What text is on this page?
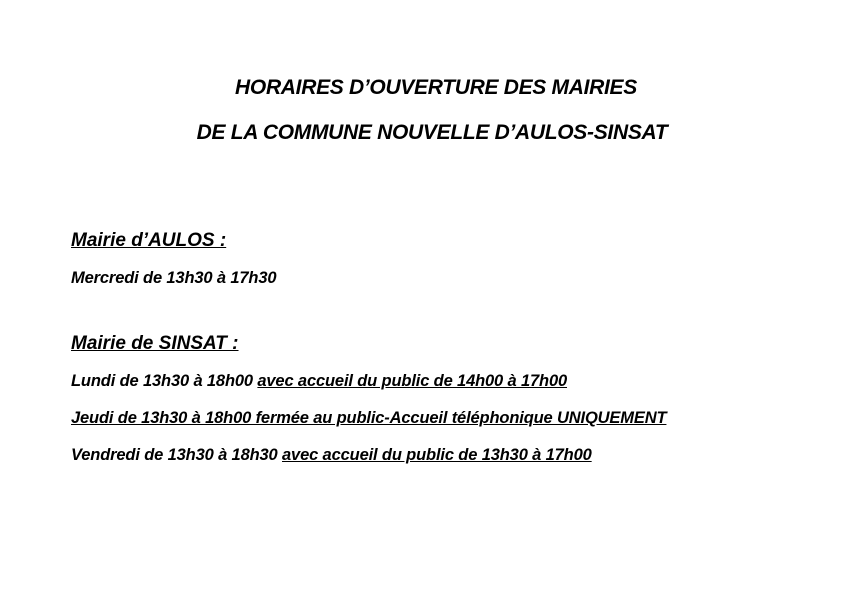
HORAIRES D’OUVERTURE DES MAIRIES
DE LA COMMUNE NOUVELLE D’AULOS-SINSAT
Mairie d’AULOS :
Mercredi de 13h30 à 17h30
Mairie de SINSAT :
Lundi de 13h30 à 18h00 avec accueil du public de 14h00 à 17h00
Jeudi de 13h30 à 18h00 fermée au public-Accueil téléphonique UNIQUEMENT
Vendredi de 13h30 à 18h30 avec accueil du public de 13h30 à 17h00
